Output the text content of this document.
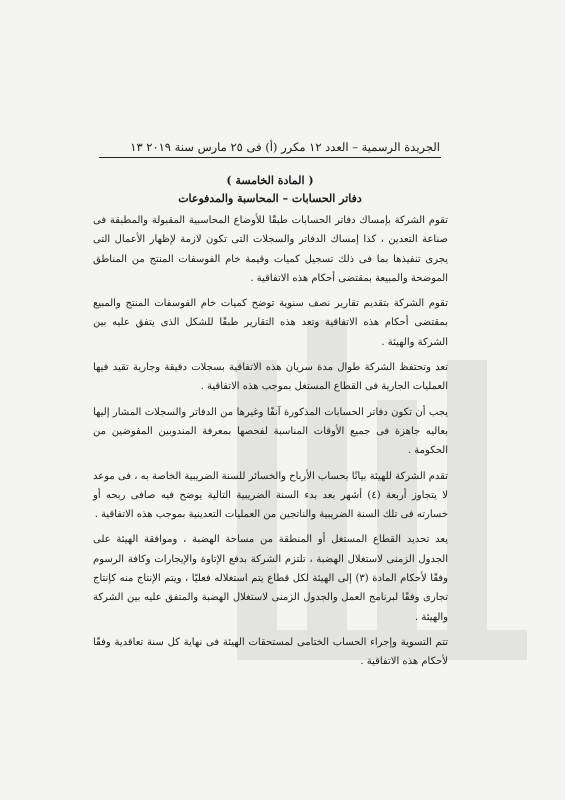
الجريدة الرسمية – العدد ١٢ مكرر (أ) فى ٢٥ مارس سنة ٢٠١٩ ١٣
( المادة الخامسة )
دفاتر الحسابات – المحاسبة والمدفوعات

تقوم الشركة بإمساك دفاتر الحسابات طبقًا للأوضاع المحاسبية المقبولة والمطبقة فى صناعة التعدين ، كذا إمساك الدفاتر والسجلات التى تكون لازمة لإظهار الأعمال التى يجرى تنفيذها بما فى ذلك تسجيل كميات وقيمة خام الفوسفات المنتج من المناطق الموضحة والمبيعة بمقتضى أحكام هذه الاتفاقية .

تقوم الشركة بتقديم تقارير نصف سنوية توضح كميات خام الفوسفات المنتج والمبيع بمقتضى أحكام هذه الاتفاقية وتعد هذه التقارير طبقًا للشكل الذى يتفق عليه بين الشركة والهيئة .

تعد وتحتفظ الشركة طوال مدة سريان هذه الاتفاقية بسجلات دقيقة وجارية تقيد فيها العمليات الجارية فى القطاع المستغل بموجب هذه الاتفاقية .

يجب أن تكون دفاتر الحسابات المذكورة آنفًا وغيرها من الدفاتر والسجلات المشار إليها بعاليه جاهزة فى جميع الأوقات المناسبة لفحصها بمعرفة المندوبين المفوضين من الحكومة .

تقدم الشركة للهيئة بيانًا بحساب الأرباح والخسائر للسنة الضريبية الخاصة به ، فى موعد لا يتجاوز أربعة (٤) أشهر بعد بدء السنة الضريبية التالية يوضح فيه صافى ربحه أو خسارته فى تلك السنة الضريبية والناتجين من العمليات التعدينية بموجب هذه الاتفاقية .

يعد تحديد القطاع المستغل أو المنطقة من مساحة الهضبة ، وموافقة الهيئة على الجدول الزمنى لاستغلال الهضبة ، تلتزم الشركة بدفع الإتاوة والإيجارات وكافة الرسوم وفقًا لأحكام المادة (٣) إلى الهيئة لكل قطاع يتم استغلاله فعليًا ، ويتم الإنتاج منه كإنتاج تجارى وفقًا لبرنامج العمل والجدول الزمنى لاستغلال الهضبة والمتفق عليه بين الشركة والهيئة .

تتم التسوية وإجراء الحساب الختامى لمستحقات الهيئة فى نهاية كل سنة تعاقدية وفقًا لأحكام هذه الاتفاقية .
